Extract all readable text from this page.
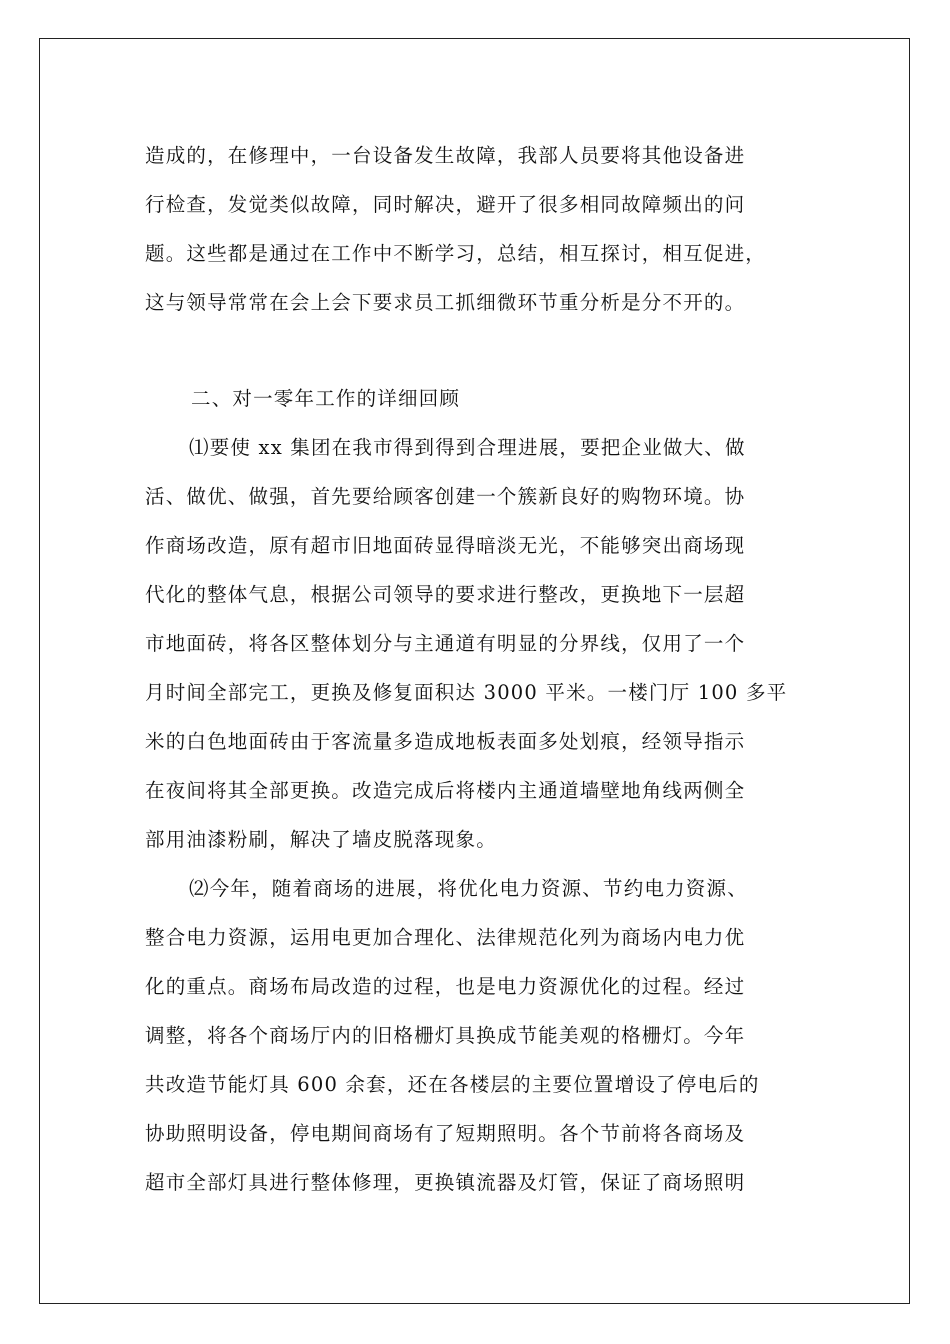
造成的，在修理中，一台设备发生故障，我部人员要将其他设备进
行检查，发觉类似故障，同时解决，避开了很多相同故障频出的问
题。这些都是通过在工作中不断学习，总结，相互探讨，相互促进，
这与领导常常在会上会下要求员工抓细微环节重分析是分不开的。
二、对一零年工作的详细回顾
⑴要使 xx 集团在我市得到得到合理进展，要把企业做大、做
活、做优、做强，首先要给顾客创建一个簇新良好的购物环境。协
作商场改造，原有超市旧地面砖显得暗淡无光，不能够突出商场现
代化的整体气息，根据公司领导的要求进行整改，更换地下一层超
市地面砖，将各区整体划分与主通道有明显的分界线，仅用了一个
月时间全部完工，更换及修复面积达 3000 平米。一楼门厅 100 多平
米的白色地面砖由于客流量多造成地板表面多处划痕，经领导指示
在夜间将其全部更换。改造完成后将楼内主通道墙壁地角线两侧全
部用油漆粉刷，解决了墙皮脱落现象。
⑵今年，随着商场的进展，将优化电力资源、节约电力资源、
整合电力资源，运用电更加合理化、法律规范化列为商场内电力优
化的重点。商场布局改造的过程，也是电力资源优化的过程。经过
调整，将各个商场厅内的旧格栅灯具换成节能美观的格栅灯。今年
共改造节能灯具 600 余套，还在各楼层的主要位置增设了停电后的
协助照明设备，停电期间商场有了短期照明。各个节前将各商场及
超市全部灯具进行整体修理，更换镇流器及灯管，保证了商场照明
